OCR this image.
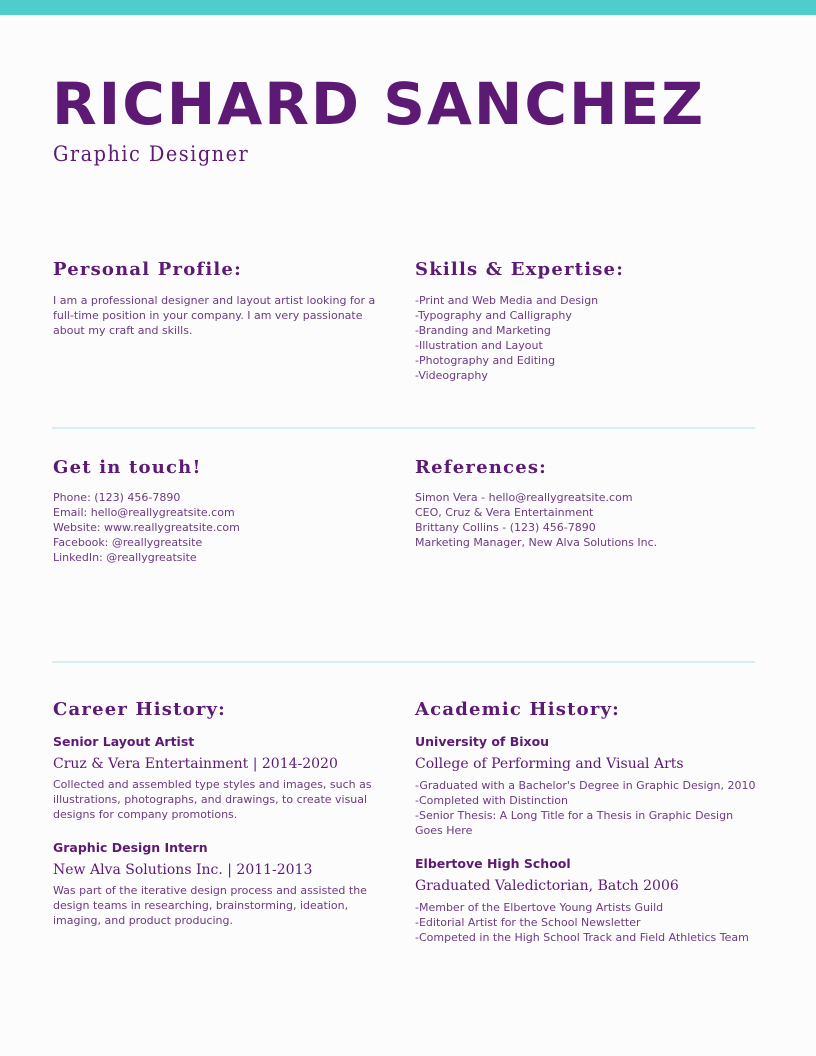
RICHARD SANCHEZ
Graphic Designer
Personal Profile:

I am a professional designer and layout artist looking for a full-time position in your company. I am very passionate about my craft and skills.

Skills & Expertise:
-Print and Web Media and Design
-Typography and Calligraphy
-Branding and Marketing
-Illustration and Layout
-Photography and Editing
-Videography
Get in touch!
Phone: (123) 456-7890
Email: hello@reallygreatsite.com
Website: www.reallygreatsite.com
Facebook: @reallygreatsite
LinkedIn: @reallygreatsite
References:
Simon Vera - hello@reallygreatsite.com
CEO, Cruz & Vera Entertainment
Brittany Collins - (123) 456-7890
Marketing Manager, New Alva Solutions Inc.
Career History:

Senior Layout Artist

Cruz & Vera Entertainment | 2014-2020

Collected and assembled type styles and images, such as illustrations, photographs, and drawings, to create visual designs for company promotions.

Graphic Design Intern

New Alva Solutions Inc. | 2011-2013

Was part of the iterative design process and assisted the design teams in researching, brainstorming, ideation, imaging, and product producing.

Academic History:

University of Bixou

College of Performing and Visual Arts

-Graduated with a Bachelor's Degree in Graphic Design, 2010
-Completed with Distinction
-Senior Thesis: A Long Title for a Thesis in Graphic Design Goes Here

Elbertove High School

Graduated Valedictorian, Batch 2006

-Member of the Elbertove Young Artists Guild
-Editorial Artist for the School Newsletter
-Competed in the High School Track and Field Athletics Team
